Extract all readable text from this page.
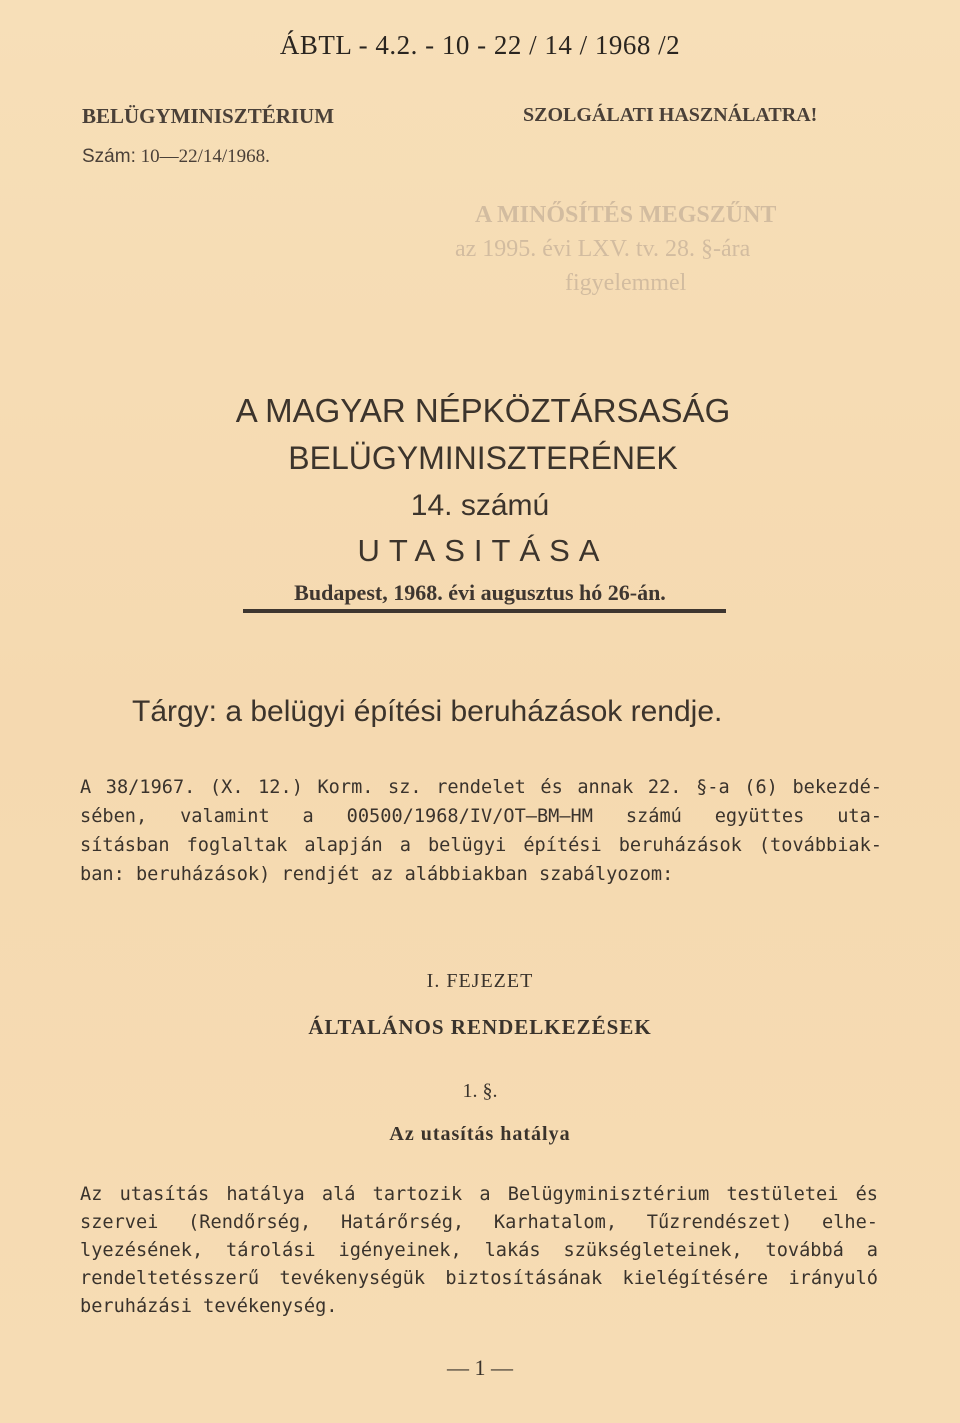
ÁBTL - 4.2. - 10 - 22 / 14 / 1968 /2
BELÜGYMINISZTÉRIUM	SZOLGÁLATI HASZNÁLATRA!
Szám: 10—22/14/1968.
A MINŐSÍTÉS MEGSZŰNT
az 1995. évi LXV. tv. 28. §-ára
figyelemmel
A MAGYAR NÉPKÖZTÁRSASÁG
BELÜGYMINISZTERÉNEK
14. számú
UTASITÁSA
Budapest, 1968. évi augusztus hó 26-án.
Tárgy: a belügyi építési beruházások rendje.
A 38/1967. (X. 12.) Korm. sz. rendelet és annak 22. §-a (6) bekezdé-
sében, valamint a 00500/1968/IV/OT—BM—HM számú együttes uta-
sításban foglaltak alapján a belügyi építési beruházások (továbbiak-
ban: beruházások) rendjét az alábbiakban szabályozom:
I. FEJEZET
ÁLTALÁNOS RENDELKEZÉSEK
1. §.
Az utasítás hatálya
Az utasítás hatálya alá tartozik a Belügyminisztérium testületei és
szervei (Rendőrség, Határőrség, Karhatalom, Tűzrendészet) elhe-
lyezésének, tárolási igényeinek, lakás szükségleteinek, továbbá a
rendeltetésszerű tevékenységük biztosításának kielégítésére irányuló
beruházási tevékenység.
— 1 —
